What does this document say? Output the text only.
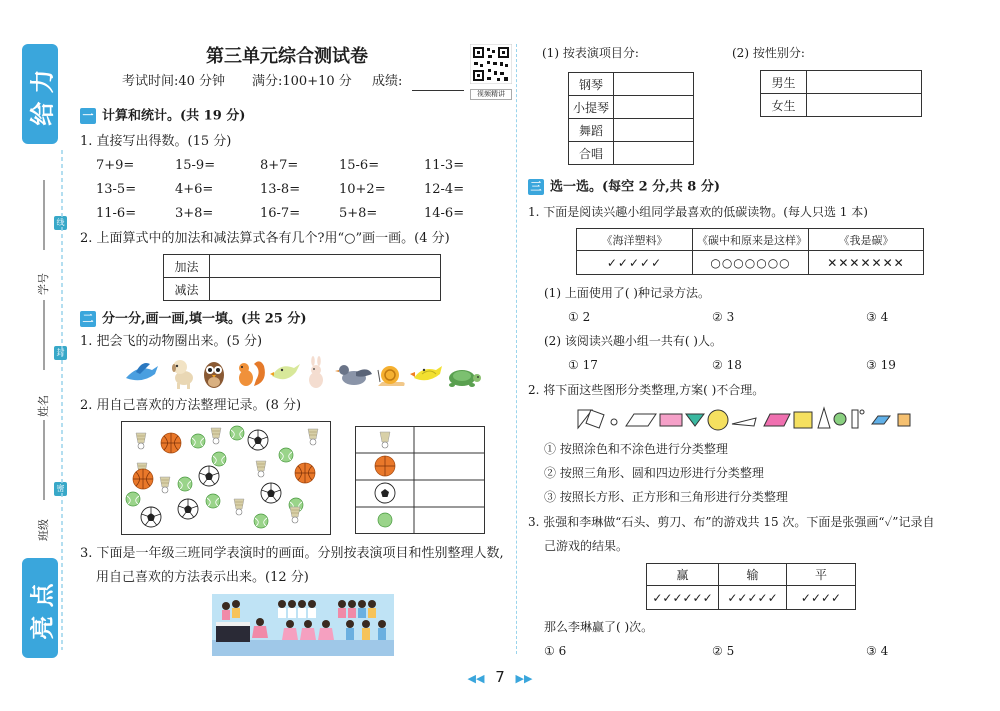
给 力
亮 点
学号
姓名
班级
线
封
密
第三单元综合测试卷
考试时间:40 分钟 满分:100+10 分 成绩:
视频精讲
一 计算和统计。(共 19 分)
1. 直接写出得数。(15 分)
7+9=	15-9=	8+7=	15-6=	11-3=
13-5=	4+6=	13-8=	10+2=	12-4=
11-6=	3+8=	16-7=	5+8=	14-6=
2. 上面算式中的加法和减法算式各有几个?用“○”画一画。(4 分)
加法	
减法	
二 分一分,画一画,填一填。(共 25 分)
1. 把会飞的动物圈出来。(5 分)
2. 用自己喜欢的方法整理记录。(8 分)
3. 下面是一年级三班同学表演时的画面。分别按表演项目和性别整理人数,
用自己喜欢的方法表示出来。(12 分)
(1) 按表演项目分:	(2) 按性别分:
钢琴	
小提琴	
舞蹈	
合唱	
男生	
女生	
三 选一选。(每空 2 分,共 8 分)
1. 下面是阅读兴趣小组同学最喜欢的低碳读物。(每人只选 1 本)
《海洋塑料》	《碳中和原来是这样》	《我是碳》
✓✓✓✓✓	○○○○○○○	✕✕✕✕✕✕✕
(1) 上面使用了( )种记录方法。
① 2	② 3	③ 4
(2) 该阅读兴趣小组一共有( )人。
① 17	② 18	③ 19
2. 将下面这些图形分类整理,方案( )不合理。
① 按照涂色和不涂色进行分类整理
② 按照三角形、圆和四边形进行分类整理
③ 按照长方形、正方形和三角形进行分类整理
3. 张强和李琳做“石头、剪刀、布”的游戏共 15 次。下面是张强画“✓”记录自
己游戏的结果。
赢	输	平
✓✓✓✓✓✓	✓✓✓✓✓	✓✓✓✓
那么李琳赢了( )次。
① 6	② 5	③ 4
◀◀ 7 ▶▶
